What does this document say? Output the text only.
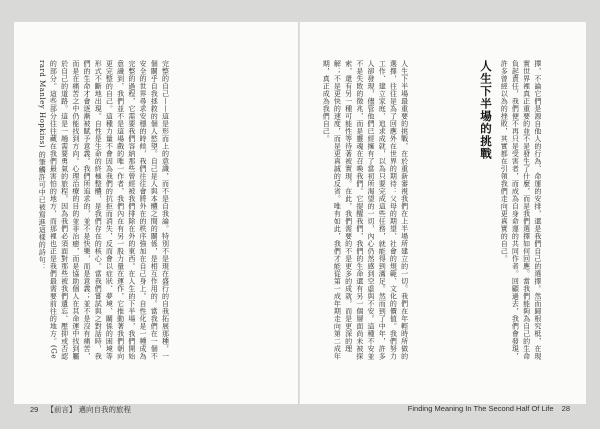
完整的自己——這是形而上的意識，而不是自我論。特別不是現在盛行的自我拓展那種，一個關乎自我拯救的個人慾望。自己是人與本體之間的關係，是相互作用的。當我們在一個不安全的世界尋求安穩的時候，我們往往會將外在的秩序強加在自己身上。自性化是一種成為完整的過程，它需要我們容納那些曾經被我們排除在外的東西。在人生的下半場，我們開始意識到，我們並不是這場戲的唯一作者，我們內在有另一股力量在運作，它推動著我們朝向更完整的自己。這種力量不會因為我們的抗拒而消失，反而會以症狀、夢境、關係的困境等形式不斷地出現。自性是生命的終極整體，是我們存在的核心。當我們嘗試與之對話時，我們的生命才會逐漸被賦予意義。我們所追求的，並不是快樂，而是意義；並不是沒有痛苦，而是在痛苦之中仍能找到方向。心理治療的目的並非治癒，而是協助個人在其命運中找到屬於自己的道路。這是一趟需要勇氣的旅程，因為我們必須面對那些被我們遺忘、壓抑或否認的部分。這些部分往往藏在我們最害怕的地方，而那裡也正是我們最需要前往的地方。(Gerard Manley Hopkins) 的筆觸許可中已被寫進這樣的詩句：

29 【前言】 邁向自我的旅程

擇，不論它們是源自他人的行為、命運的安排，還是我們自己的選擇。然而歸根究柢，在現實世界裡真正重要的並不是發生了什麼，而是我們選擇如何回應。當我們能夠為自己的生命負起責任，我們便不再只是受害者，而成為自身命運的共同作者。回顧過去，我們會發現，許多曾經以為的挫敗，其實都在引領我們走向更真實的自己。

人生下半場的挑戰

人生下半場最重要的挑戰，在於重新審視我們在上半場所建立的一切。我們在年輕時所做的選擇，往往是為了回應外在世界的期待：父母的期望、社會的規範、文化的價值。我們努力工作、建立家庭、追求成就，以為只要完成這些任務，就能得到滿足。然而到了中年，許多人卻發現，儘管他們已經擁有了當初所渴望的一切，內心仍然感到空虛與不安。這種不安並不是失敗的徵兆，而是靈魂在召喚我們。它提醒我們，我們的生命還有另一個層面尚未被探索，還有另一種可能性等待著被實現。在此，我們需要的不是更多的成就，而是更深的理解；不是更快的速度，而是更真誠的反省。唯有如此，我們才能從第一成年期走向第二成年期，真正成為我們自己。

Finding Meaning In The Second Half Of Life 28
